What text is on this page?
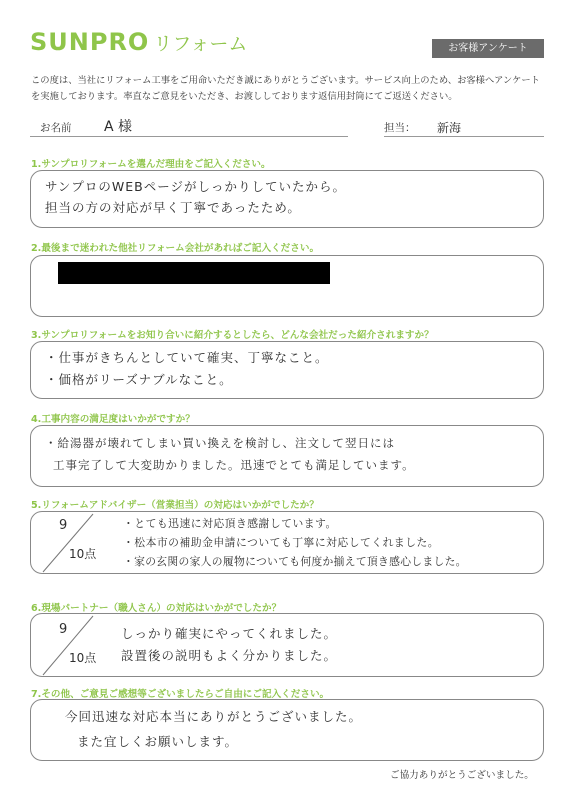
SUNPRO リフォーム	お客様アンケート
この度は、当社にリフォーム工事をご用命いただき誠にありがとうございます。サービス向上のため、お客様へアンケートを実施しております。率直なご意見をいただき、お渡ししております返信用封筒にてご返送ください。
お名前 A 様	担当： 新海
1.サンプロリフォームを選んだ理由をご記入ください。
サンプロのWEBページがしっかりしていたから。
担当の方の対応が早く丁寧であったため。
2.最後まで迷われた他社リフォーム会社があればご記入ください。
3.サンプロリフォームをお知り合いに紹介するとしたら、どんな会社だった紹介されますか？
・仕事がきちんとしていて確実、丁寧なこと。
・価格がリーズナブルなこと。
4.工事内容の満足度はいかがですか？
・給湯器が壊れてしまい買い換えを検討し、注文して翌日には
工事完了して大変助かりました。迅速でとても満足しています。
5.リフォームアドバイザー（営業担当）の対応はいかがでしたか？
9
10点
・とても迅速に対応頂き感謝しています。
・松本市の補助金申請についても丁寧に対応してくれました。
・家の玄関の家人の履物についても何度か揃えて頂き感心しました。
6.現場パートナー（職人さん）の対応はいかがでしたか？
9
10点
しっかり確実にやってくれました。
設置後の説明もよく分かりました。
7.その他、ご意見ご感想等ございましたらご自由にご記入ください。
今回迅速な対応本当にありがとうございました。
また宜しくお願いします。
ご協力ありがとうございました。
